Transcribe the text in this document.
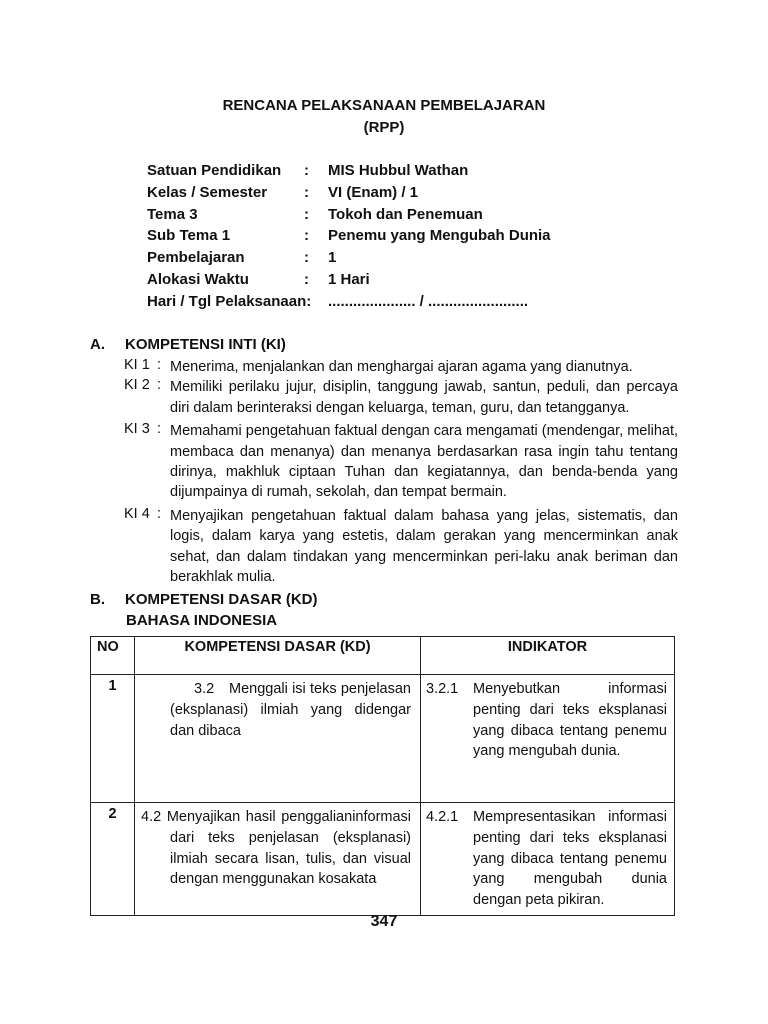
RENCANA PELAKSANAAN PEMBELAJARAN
(RPP)
Satuan Pendidikan : MIS Hubbul Wathan
Kelas / Semester : VI (Enam) / 1
Tema 3	: Tokoh dan Penemuan
Sub Tema 1	: Penemu yang Mengubah Dunia
Pembelajaran	: 1
Alokasi Waktu	: 1 Hari
Hari / Tgl Pelaksanaan: ..................... / ........................
A. KOMPETENSI INTI (KI)
KI 1 : Menerima, menjalankan dan menghargai ajaran agama yang dianutnya.
KI 2 : Memiliki perilaku jujur, disiplin, tanggung jawab, santun, peduli, dan percaya diri dalam berinteraksi dengan keluarga, teman, guru, dan tetangganya.
KI 3 : Memahami pengetahuan faktual dengan cara mengamati (mendengar, melihat, membaca dan menanya) dan menanya berdasarkan rasa ingin tahu tentang dirinya, makhluk ciptaan Tuhan dan kegiatannya, dan benda-benda yang dijumpainya di rumah, sekolah, dan tempat bermain.
KI 4 : Menyajikan pengetahuan faktual dalam bahasa yang jelas, sistematis, dan logis, dalam karya yang estetis, dalam gerakan yang mencerminkan anak sehat, dan dalam tindakan yang mencerminkan peri-laku anak beriman dan berakhlak mulia.
B. KOMPETENSI DASAR (KD)
BAHASA INDONESIA
NO	KOMPETENSI DASAR (KD)	INDIKATOR
1	3.2 Menggali isi teks penjelasan (eksplanasi) ilmiah yang didengar dan dibaca	3.2.1 Menyebutkan informasi penting dari teks eksplanasi yang dibaca tentang penemu yang mengubah dunia.

2	4.2 Menyajikan hasil penggalianinformasi dari teks penjelasan (eksplanasi) ilmiah secara lisan, tulis, dan visual dengan menggunakan kosakata	4.2.1 Mempresentasikan informasi penting dari teks eksplanasi yang dibaca tentang penemu yang mengubah dunia dengan peta pikiran.
347
